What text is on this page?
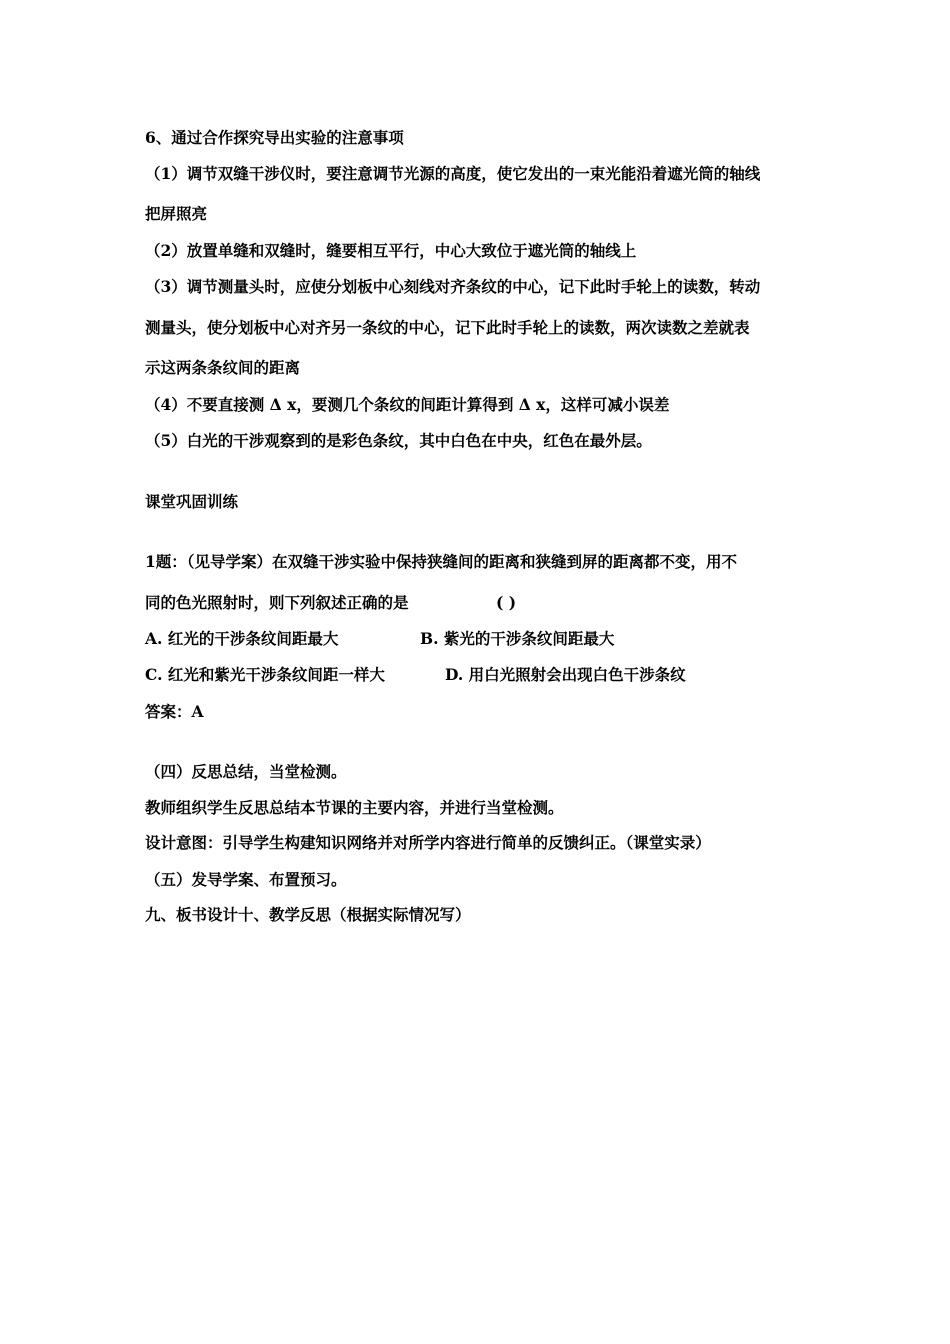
6、通过合作探究导出实验的注意事项
（1）调节双缝干涉仪时，要注意调节光源的高度，使它发出的一束光能沿着遮光筒的轴线
把屏照亮
（2）放置单缝和双缝时，缝要相互平行，中心大致位于遮光筒的轴线上
（3）调节测量头时，应使分划板中心刻线对齐条纹的中心，记下此时手轮上的读数，转动
测量头，使分划板中心对齐另一条纹的中心，记下此时手轮上的读数，两次读数之差就表
示这两条条纹间的距离
（4）不要直接测 Δ x，要测几个条纹的间距计算得到 Δ x，这样可减小误差
（5）白光的干涉观察到的是彩色条纹，其中白色在中央，红色在最外层。
课堂巩固训练
1题：（见导学案）在双缝干涉实验中保持狭缝间的距离和狭缝到屏的距离都不变，用不
同的色光照射时，则下列叙述正确的是	( )
A. 红光的干涉条纹间距最大	B. 紫光的干涉条纹间距最大
C. 红光和紫光干涉条纹间距一样大	D. 用白光照射会出现白色干涉条纹
答案：A
（四）反思总结，当堂检测。
教师组织学生反思总结本节课的主要内容，并进行当堂检测。
设计意图：引导学生构建知识网络并对所学内容进行简单的反馈纠正。（课堂实录）
（五）发导学案、布置预习。
九、板书设计十、教学反思（根据实际情况写）
